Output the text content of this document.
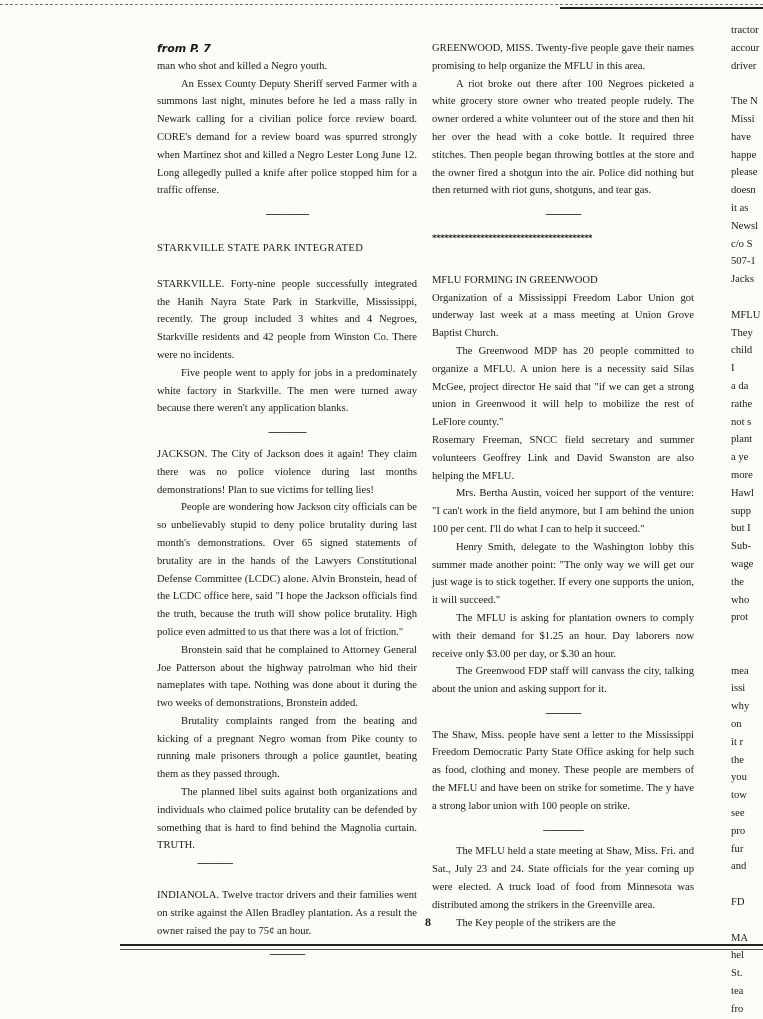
from P. 7

man who shot and killed a Negro youth.

An Essex County Deputy Sheriff served Farmer with a summons last night, minutes before he led a mass rally in Newark calling for a civilian police force review board. CORE's demand for a review board was spurred strongly when Martinez shot and killed a Negro Lester Long June 12. Long allegedly pulled a knife after police stopped him for a traffic offense.

-----------------

STARKVILLE STATE PARK INTEGRATED

STARKVILLE. Forty-nine people successfully integrated the Hanih Nayra State Park in Starkville, Mississippi, recently. The group included 3 whites and 4 Negroes, Starkville residents and 42 people from Winston Co. There were no incidents.

Five people went to apply for jobs in a predominately white factory in Starkville. The men were turned away because there weren't any application blanks.

---------------

JACKSON. The City of Jackson does it again! They claim there was no police violence during last months demonstrations! Plan to sue victims for telling lies!

People are wondering how Jackson city officials can be so unbelievably stupid to deny police brutality during last month's demonstrations. Over 65 signed statements of brutality are in the hands of the Lawyers Constitutional Defense Committee (LCDC) alone. Alvin Bronstein, head of the LCDC office here, said "I hope the Jackson officials find the truth, because the truth will show police brutality. High police even admitted to us that there was a lot of friction."

Bronstein said that he complained to Attorney General Joe Patterson about the highway patrolman who hid their nameplates with tape. Nothing was done about it during the two weeks of demonstrations, Bronstein added.

Brutality complaints ranged from the beating and kicking of a pregnant Negro woman from Pike county to running male prisoners through a police gauntlet, beating them as they passed through.

The planned libel suits against both organizations and individuals who claimed police brutality can be defended by something that is hard to find behind the Magnolia curtain. TRUTH.

--------------

INDIANOLA. Twelve tractor drivers and their families went on strike against the Allen Bradley plantation. As a result the owner raised the pay to 75¢ an hour.

--------------

GREENWOOD, MISS. Twenty-five people gave their names promising to help organize the MFLU in this area.

A riot broke out there after 100 Negroes picketed a white grocery store owner who treated people rudely. The owner ordered a white volunteer out of the store and then hit her over the head with a coke bottle. It required three stitches. Then people began throwing bottles at the store and the owner fired a shotgun into the air. Police did nothing but then returned with riot guns, shotguns, and tear gas.

--------------

****************************************

MFLU FORMING IN GREENWOOD

Organization of a Mississippi Freedom Labor Union got underway last week at a mass meeting at Union Grove Baptist Church.

The Greenwood MDP has 20 people committed to organize a MFLU. A union here is a necessity said Silas McGee, project director He said that "if we can get a strong union in Greenwood it will help to mobilize the rest of LeFlore county."

Rosemary Freeman, SNCC field secretary and summer volunteers Geoffrey Link and David Swanston are also helping the MFLU.

Mrs. Bertha Austin, voiced her support of the venture: "I can't work in the field anymore, but I am behind the union 100 per cent. I'll do what I can to help it succeed."

Henry Smith, delegate to the Washington lobby this summer made another point: "The only way we will get our just wage is to stick together. If every one supports the union, it will succeed."

The MFLU is asking for plantation owners to comply with their demand for $1.25 an hour. Day laborers now receive only $3.00 per day, or $.30 an hour.

The Greenwood FDP staff will canvass the city, talking about the union and asking support for it.

--------------

The Shaw, Miss. people have sent a letter to the Mississippi Freedom Democratic Party State Office asking for help such as food, clothing and money. These people are members of the MFLU and have been on strike for sometime. The y have a strong labor union with 100 people on strike.

----------------

The MFLU held a state meeting at Shaw, Miss. Fri. and Sat., July 23 and 24. State officials for the year coming up were elected. A truck load of food from Minnesota was distributed among the strikers in the Greenville area.

The Key people of the strikers are the

tractor

accour

driver

The N

Missi

have

happe

please

doesn

it as

Newsl

c/o S

507-1

Jacks

MFLU

They

child

I

a da

rathe

not s

plant

a ye

more

Hawl

supp

but I

Sub-

wage

the

who

prot

mea

issi

why

on

it r

the

you

tow

see

pro

fur

and

FD

MA

hel

St.

tea

fro

8
